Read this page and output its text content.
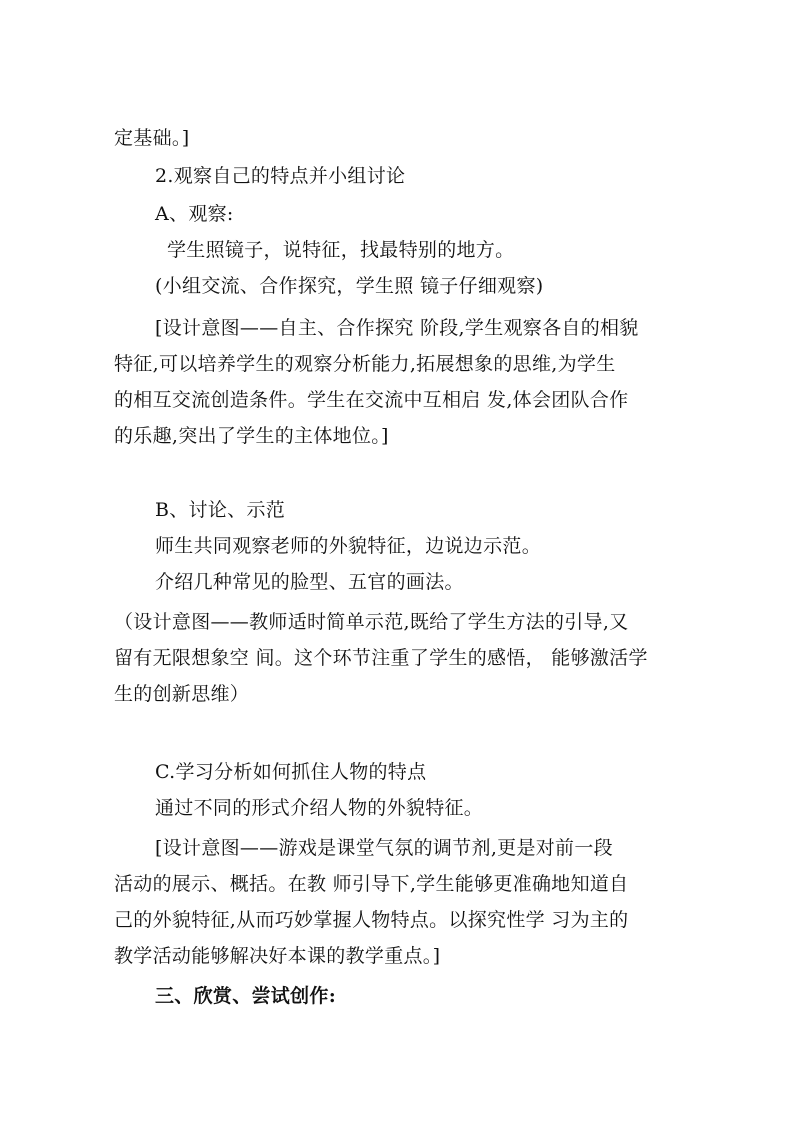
定基础。]
2.观察自己的特点并小组讨论
A、观察:
学生照镜子，说特征，找最特别的地方。
(小组交流、合作探究，学生照 镜子仔细观察)
[设计意图——自主、合作探究 阶段,学生观察各自的相貌
特征,可以培养学生的观察分析能力,拓展想象的思维,为学生
的相互交流创造条件。学生在交流中互相启 发,体会团队合作
的乐趣,突出了学生的主体地位。]
B、讨论、示范
师生共同观察老师的外貌特征，边说边示范。
介绍几种常见的脸型、五官的画法。
（设计意图——教师适时简单示范,既给了学生方法的引导,又
留有无限想象空 间。这个环节注重了学生的感悟， 能够激活学
生的创新思维）
C.学习分析如何抓住人物的特点
通过不同的形式介绍人物的外貌特征。
[设计意图——游戏是课堂气氛的调节剂,更是对前一段
活动的展示、概括。在教 师引导下,学生能够更准确地知道自
己的外貌特征,从而巧妙掌握人物特点。以探究性学 习为主的
教学活动能够解决好本课的教学重点。]
三、欣赏、尝试创作:
